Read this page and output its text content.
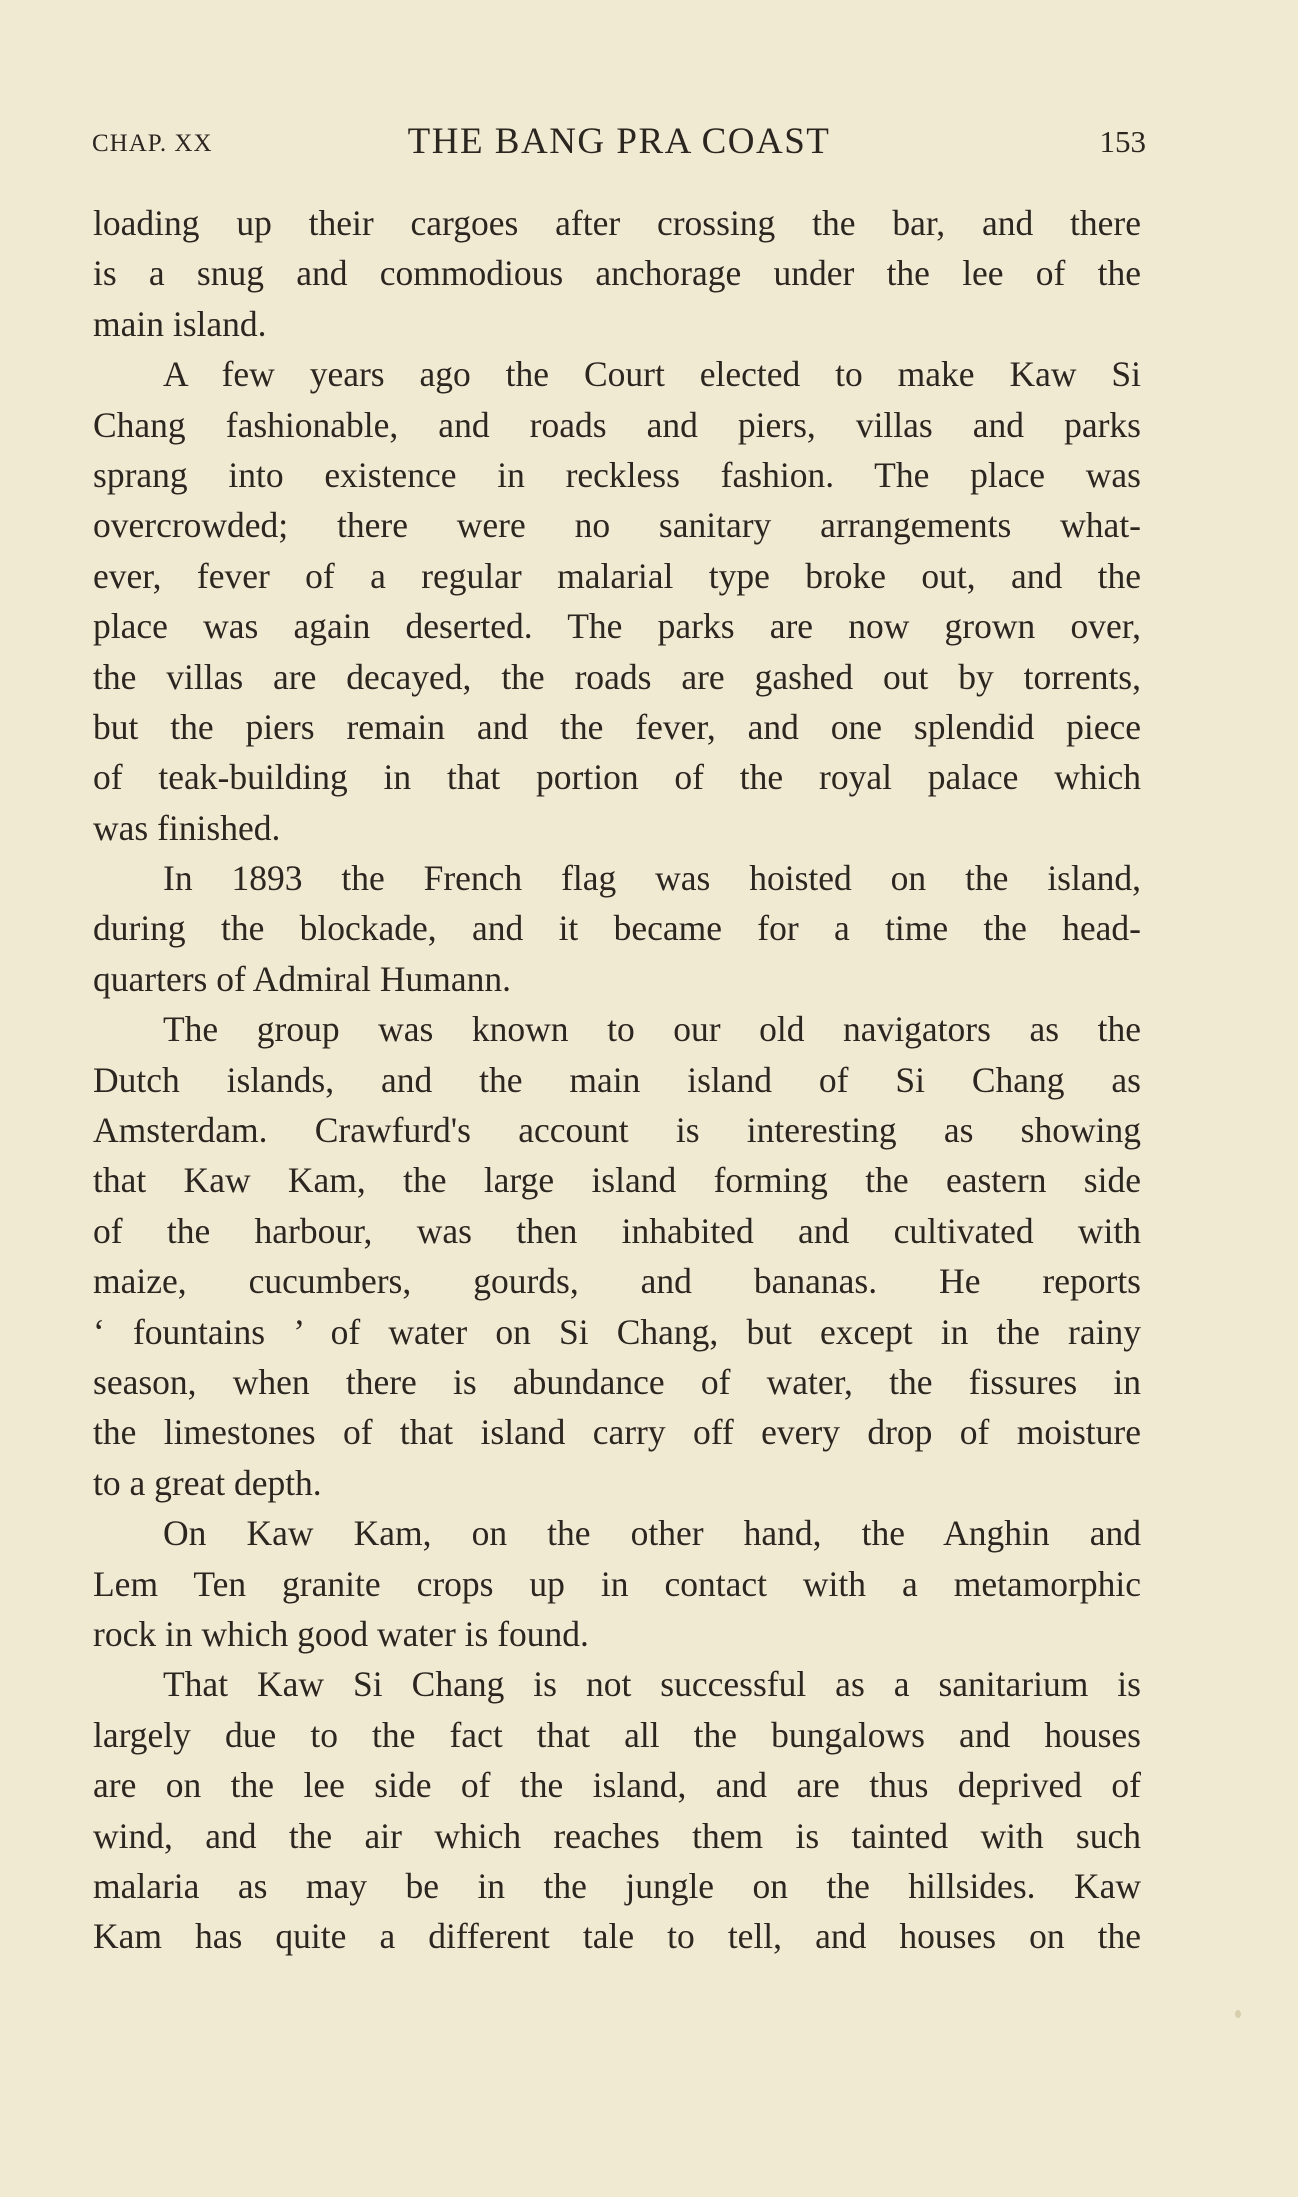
CHAP. XX	THE BANG PRA COAST	153
loading up their cargoes after crossing the bar, and there
is a snug and commodious anchorage under the lee of the
main island.
A few years ago the Court elected to make Kaw Si
Chang fashionable, and roads and piers, villas and parks
sprang into existence in reckless fashion. The place was
overcrowded; there were no sanitary arrangements what-
ever, fever of a regular malarial type broke out, and the
place was again deserted. The parks are now grown over,
the villas are decayed, the roads are gashed out by torrents,
but the piers remain and the fever, and one splendid piece
of teak-building in that portion of the royal palace which
was finished.
In 1893 the French flag was hoisted on the island,
during the blockade, and it became for a time the head-
quarters of Admiral Humann.
The group was known to our old navigators as the
Dutch islands, and the main island of Si Chang as
Amsterdam. Crawfurd's account is interesting as showing
that Kaw Kam, the large island forming the eastern side
of the harbour, was then inhabited and cultivated with
maize, cucumbers, gourds, and bananas. He reports
‘ fountains ’ of water on Si Chang, but except in the rainy
season, when there is abundance of water, the fissures in
the limestones of that island carry off every drop of moisture
to a great depth.
On Kaw Kam, on the other hand, the Anghin and
Lem Ten granite crops up in contact with a metamorphic
rock in which good water is found.
That Kaw Si Chang is not successful as a sanitarium is
largely due to the fact that all the bungalows and houses
are on the lee side of the island, and are thus deprived of
wind, and the air which reaches them is tainted with such
malaria as may be in the jungle on the hillsides. Kaw
Kam has quite a different tale to tell, and houses on the
